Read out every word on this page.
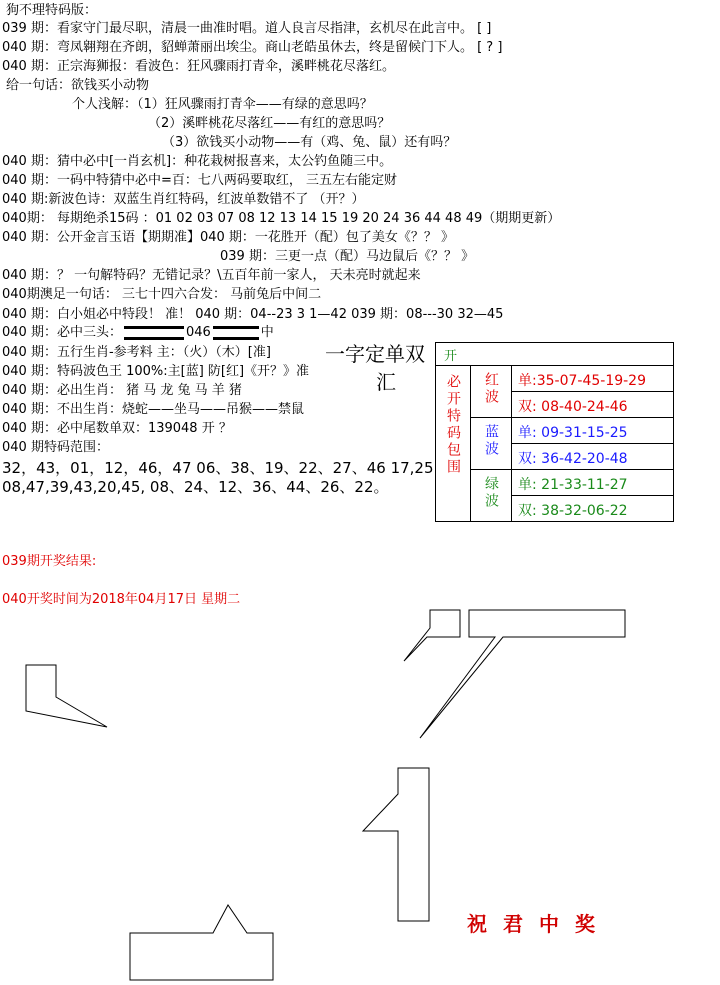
狗不理特码版：
039 期：看家守门最尽职，清晨一曲准时唱。道人良言尽指津，玄机尽在此言中。 [ ]
040 期：弯凤翱翔在齐朗，貂蝉萧丽出埃尘。商山老皓虽休去，终是留候门下人。 [ ? ]
040 期：正宗海狮报：看波色：狂风骤雨打青伞，溪畔桃花尽落红。
给一句话：欲钱买小动物
个人浅解：（1）狂风骤雨打青伞——有绿的意思吗？
（2）溪畔桃花尽落红——有红的意思吗？
（3）欲钱买小动物——有（鸡、兔、鼠）还有吗？
040 期：猜中必中[一肖玄机]：种花栽树报喜来，太公钓鱼随三中。
040 期：一码中特猜中必中=百：七八两码要取红， 三五左右能定财
040 期:新波色诗：双蓝生肖红特码，红波单数错不了 （开？）
040期： 每期绝杀15码 ：01 02 03 07 08 12 13 14 15 19 20 24 36 44 48 49（期期更新）
040 期：公开金言玉语【期期准】040 期：一花胜开（配）包了美女《？？ 》
039 期：三更一点（配）马边鼠后《？？ 》
040 期：？ 一句解特码？无错记录？\五百年前一家人， 天未亮时就起来
040期澳足一句话： 三七十四六合发： 马前兔后中间二
040 期：白小姐必中特段！ 准！ 040 期：04--23 3 1—42 039 期：08---30 32—45
040 期：必中三头：	046	中
040 期：五行生肖-参考料 主：（火）（木）[准]
040 期：特码波色王 100%:主[蓝] 防[红]《开？》准
040 期：必出生肖： 猪 马 龙 兔 马 羊 猪
040 期：不出生肖：烧蛇——坐马——吊猴——禁鼠
040 期：必中尾数单双：139048 开 ？
040 期特码范围：
32，43，01，12，46，47 06、38、19、22、27、46 17,25
08,47,39,43,20,45, 08、24、12、36、44、26、22。
一字定单双
汇
开
必开特码包围 红波
蓝波
绿波
单:35-07-45-19-29
双: 08-40-24-46
单: 09-31-15-25
双: 36-42-20-48
单: 21-33-11-27
双: 38-32-06-22
039期开奖结果:
040开奖时间为2018年04月17日 星期二
祝君中奖
